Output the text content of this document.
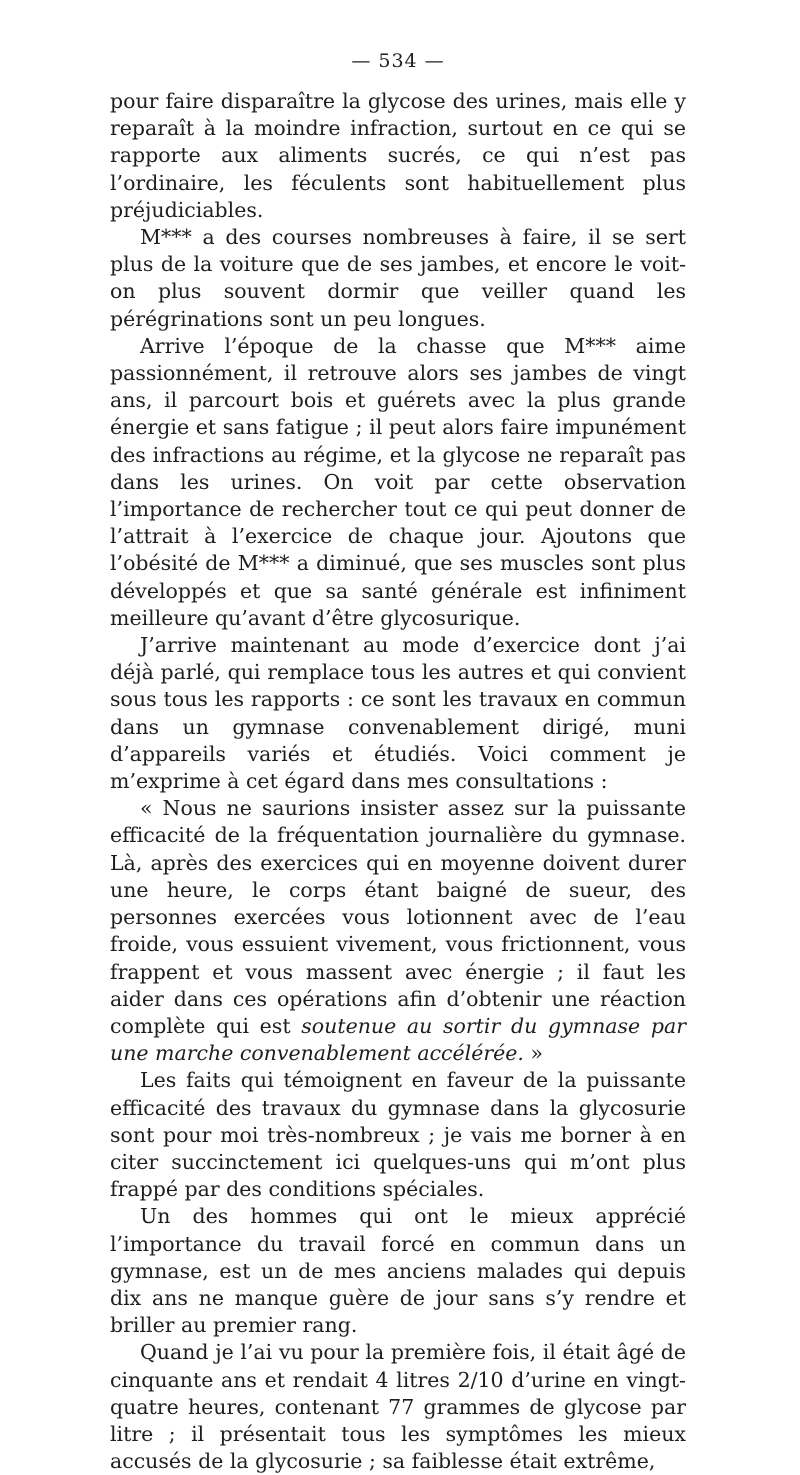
— 534 —

pour faire disparaître la glycose des urines, mais elle y reparaît à la moindre infraction, surtout en ce qui se rapporte aux aliments sucrés, ce qui n’est pas l’ordinaire, les féculents sont habituellement plus préjudiciables.

M*** a des courses nombreuses à faire, il se sert plus de la voiture que de ses jambes, et encore le voit-on plus souvent dormir que veiller quand les pérégrinations sont un peu longues.

Arrive l’époque de la chasse que M*** aime passionnément, il retrouve alors ses jambes de vingt ans, il parcourt bois et guérets avec la plus grande énergie et sans fatigue ; il peut alors faire impunément des infractions au régime, et la glycose ne reparaît pas dans les urines. On voit par cette observation l’importance de rechercher tout ce qui peut donner de l’attrait à l’exercice de chaque jour. Ajoutons que l’obésité de M*** a diminué, que ses muscles sont plus développés et que sa santé générale est infiniment meilleure qu’avant d’être glycosurique.

J’arrive maintenant au mode d’exercice dont j’ai déjà parlé, qui remplace tous les autres et qui convient sous tous les rapports : ce sont les travaux en commun dans un gymnase convenablement dirigé, muni d’appareils variés et étudiés. Voici comment je m’exprime à cet égard dans mes consultations :

« Nous ne saurions insister assez sur la puissante efficacité de la fréquentation journalière du gymnase. Là, après des exercices qui en moyenne doivent durer une heure, le corps étant baigné de sueur, des personnes exercées vous lotionnent avec de l’eau froide, vous essuient vivement, vous frictionnent, vous frappent et vous massent avec énergie ; il faut les aider dans ces opérations afin d’obtenir une réaction complète qui est soutenue au sortir du gymnase par une marche convenablement accélérée. »

Les faits qui témoignent en faveur de la puissante efficacité des travaux du gymnase dans la glycosurie sont pour moi très-nombreux ; je vais me borner à en citer succinctement ici quelques-uns qui m’ont plus frappé par des conditions spéciales.

Un des hommes qui ont le mieux apprécié l’importance du travail forcé en commun dans un gymnase, est un de mes anciens malades qui depuis dix ans ne manque guère de jour sans s’y rendre et briller au premier rang.

Quand je l’ai vu pour la première fois, il était âgé de cinquante ans et rendait 4 litres 2/10 d’urine en vingt-quatre heures, contenant 77 grammes de glycose par litre ; il présentait tous les symptômes les mieux accusés de la glycosurie ; sa faiblesse était extrême,
